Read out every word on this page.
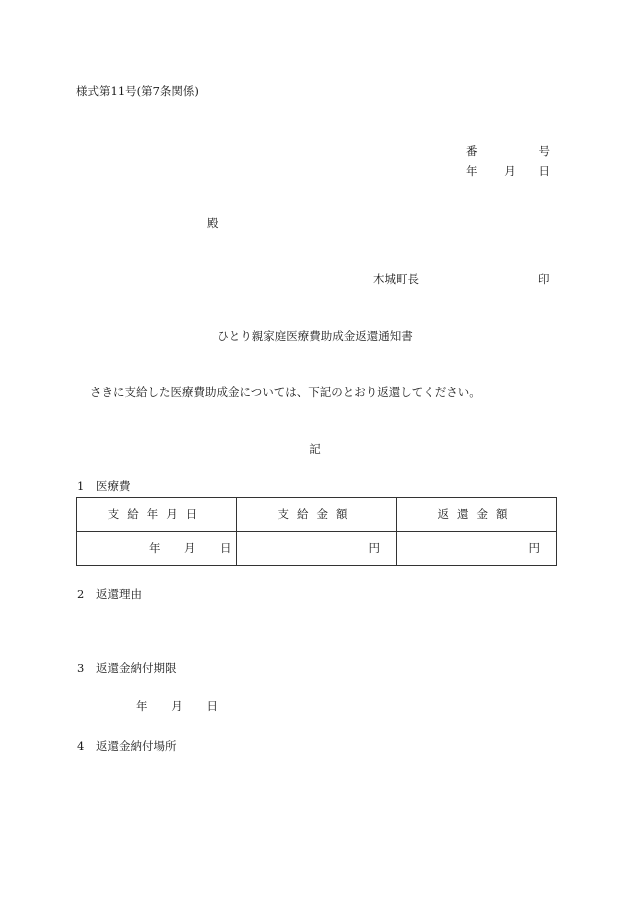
様式第11号(第7条関係)
番	号
年 月 日
殿
木城町長	印
ひとり親家庭医療費助成金返還通知書
さきに支給した医療費助成金については、下記のとおり返還してください。
記
1 医療費
支給年月日	支給金額	返還金額

年 月 日	円	円
2 返還理由
3 返還金納付期限
年 月 日
4 返還金納付場所
